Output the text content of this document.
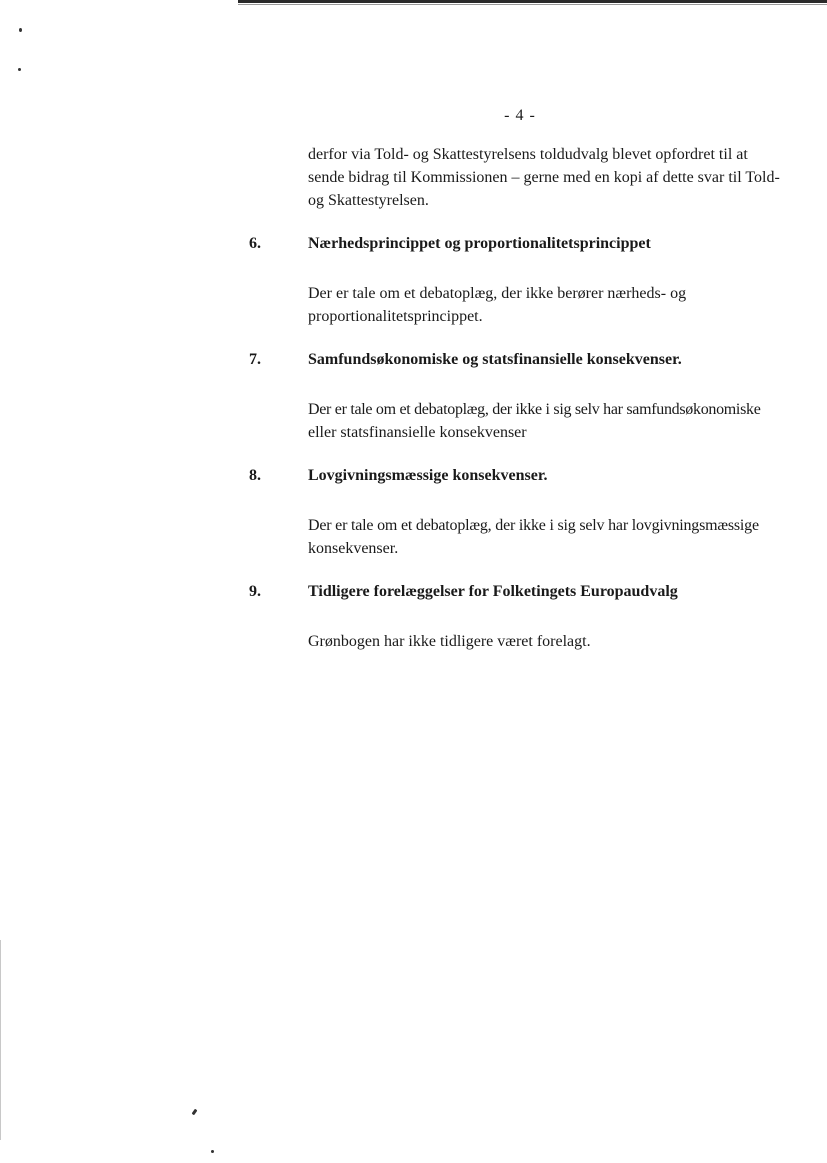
- 4 -

derfor via Told- og Skattestyrelsens toldudvalg blevet opfordret til at

sende bidrag til Kommissionen – gerne med en kopi af dette svar til Told-

og Skattestyrelsen.

6.	Nærhedsprincippet og proportionalitetsprincippet

Der er tale om et debatoplæg, der ikke berører nærheds- og

proportionalitetsprincippet.

7.	Samfundsøkonomiske og statsfinansielle konsekvenser.

Der er tale om et debatoplæg, der ikke i sig selv har samfundsøkonomiske

eller statsfinansielle konsekvenser

8.	Lovgivningsmæssige konsekvenser.

Der er tale om et debatoplæg, der ikke i sig selv har lovgivningsmæssige

konsekvenser.

9.	Tidligere forelæggelser for Folketingets Europaudvalg

Grønbogen har ikke tidligere været forelagt.
